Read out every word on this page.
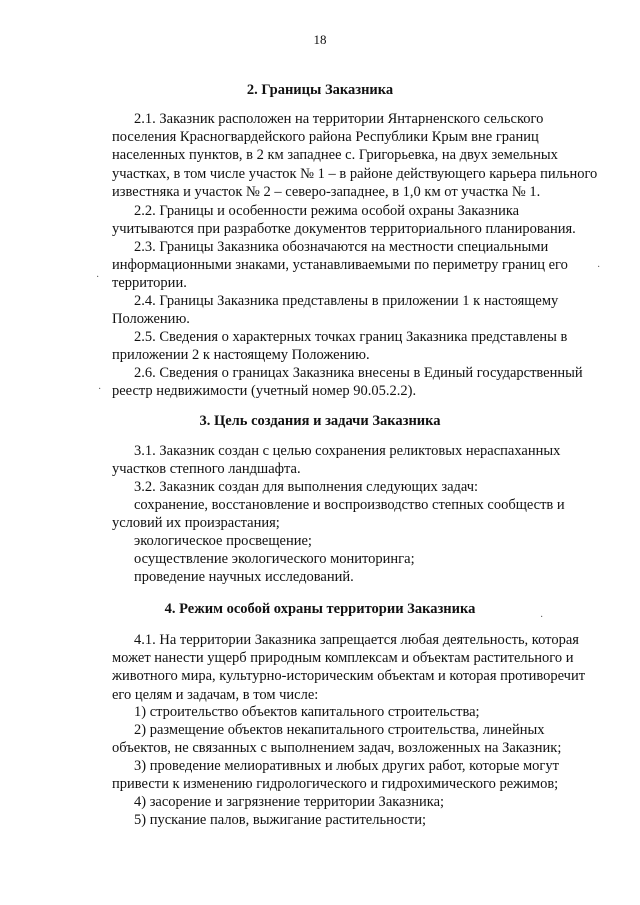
18
2. Границы Заказника
2.1. Заказник расположен на территории Янтарненского сельского
поселения Красногвардейского района Республики Крым вне границ
населенных пунктов, в 2 км западнее с. Григорьевка, на двух земельных
участках, в том числе участок № 1 – в районе действующего карьера пильного
известняка и участок № 2 – северо-западнее, в 1,0 км от участка № 1.
2.2. Границы и особенности режима особой охраны Заказника
учитываются при разработке документов территориального планирования.
2.3. Границы Заказника обозначаются на местности специальными
информационными знаками, устанавливаемыми по периметру границ его
территории.
2.4. Границы Заказника представлены в приложении 1 к настоящему
Положению.
2.5. Сведения о характерных точках границ Заказника представлены в
приложении 2 к настоящему Положению.
2.6. Сведения о границах Заказника внесены в Единый государственный
реестр недвижимости (учетный номер 90.05.2.2).
3. Цель создания и задачи Заказника
3.1. Заказник создан с целью сохранения реликтовых нераспаханных
участков степного ландшафта.
3.2. Заказник создан для выполнения следующих задач:
сохранение, восстановление и воспроизводство степных сообществ и
условий их произрастания;
экологическое просвещение;
осуществление экологического мониторинга;
проведение научных исследований.
4. Режим особой охраны территории Заказника
4.1. На территории Заказника запрещается любая деятельность, которая
может нанести ущерб природным комплексам и объектам растительного и
животного мира, культурно-историческим объектам и которая противоречит
его целям и задачам, в том числе:
1) строительство объектов капитального строительства;
2) размещение объектов некапитального строительства, линейных
объектов, не связанных с выполнением задач, возложенных на Заказник;
3) проведение мелиоративных и любых других работ, которые могут
привести к изменению гидрологического и гидрохимического режимов;
4) засорение и загрязнение территории Заказника;
5) пускание палов, выжигание растительности;
·
·
·
·
